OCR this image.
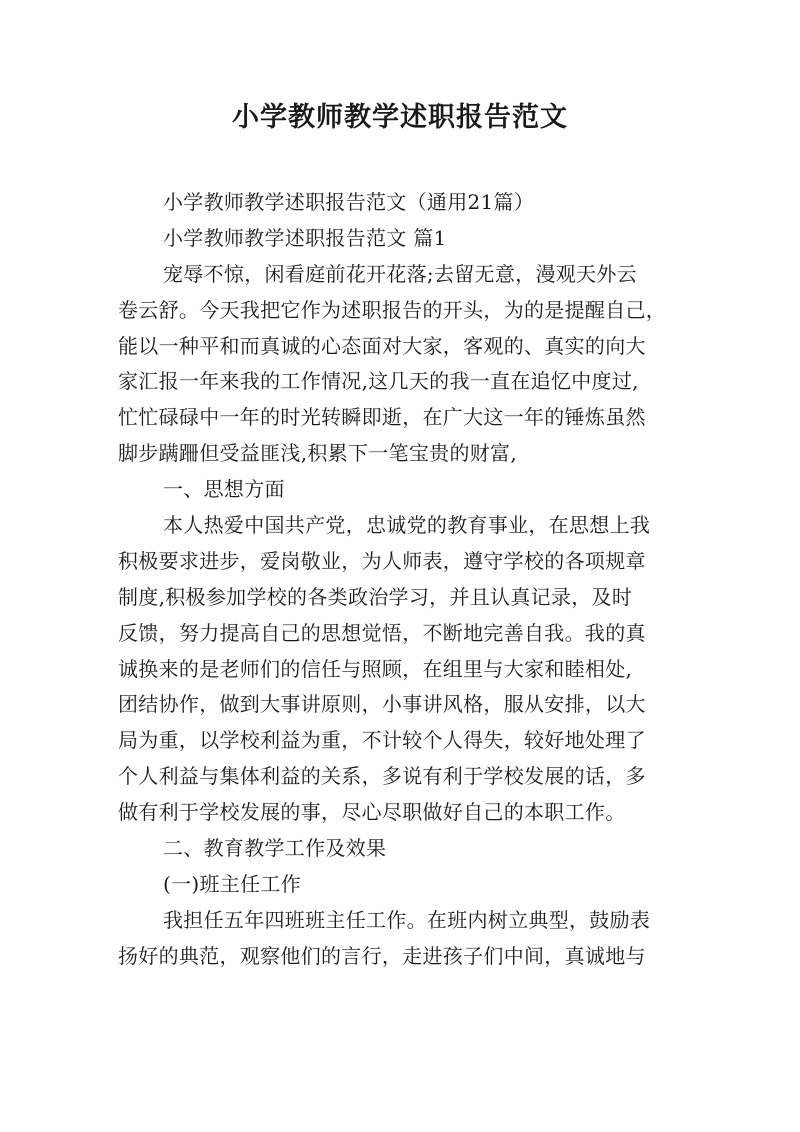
小学教师教学述职报告范文
小学教师教学述职报告范文（通用21篇）
小学教师教学述职报告范文 篇1
宠辱不惊，闲看庭前花开花落;去留无意，漫观天外云
卷云舒。今天我把它作为述职报告的开头，为的是提醒自己，
能以一种平和而真诚的心态面对大家，客观的、真实的向大
家汇报一年来我的工作情况,这几天的我一直在追忆中度过,
忙忙碌碌中一年的时光转瞬即逝，在广大这一年的锤炼虽然
脚步蹒跚但受益匪浅,积累下一笔宝贵的财富,
一、思想方面
本人热爱中国共产党，忠诚党的教育事业，在思想上我
积极要求进步，爱岗敬业，为人师表，遵守学校的各项规章
制度,积极参加学校的各类政治学习，并且认真记录，及时
反馈，努力提高自己的思想觉悟，不断地完善自我。我的真
诚换来的是老师们的信任与照顾，在组里与大家和睦相处,
团结协作，做到大事讲原则，小事讲风格，服从安排，以大
局为重，以学校利益为重，不计较个人得失，较好地处理了
个人利益与集体利益的关系，多说有利于学校发展的话，多
做有利于学校发展的事，尽心尽职做好自己的本职工作。
二、教育教学工作及效果
(一)班主任工作
我担任五年四班班主任工作。在班内树立典型，鼓励表
扬好的典范，观察他们的言行，走进孩子们中间，真诚地与
